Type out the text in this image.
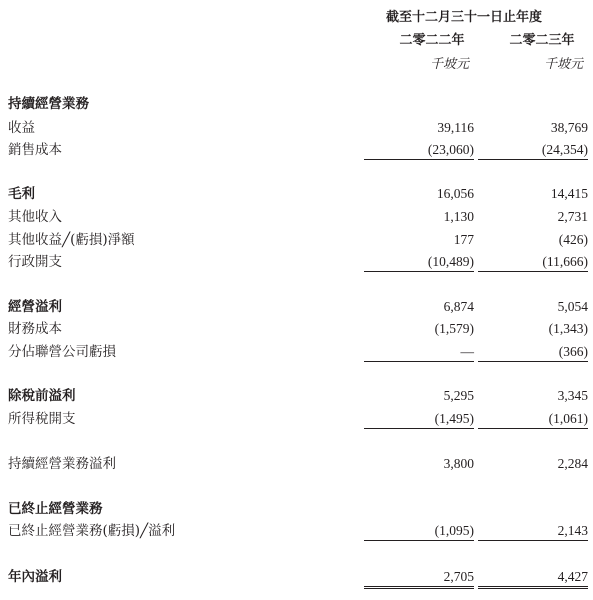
截至十二月三十一日止年度
二零二二年	二零二三年
千坡元	千坡元
持續經營業務
收益	39,116	38,769
銷售成本	(23,060)	(24,354)
毛利	16,056	14,415
其他收入	1,130	2,731
其他收益╱(虧損)淨額	177	(426)
行政開支	(10,489)	(11,666)
經營溢利	6,874	5,054
財務成本	(1,579)	(1,343)
分佔聯營公司虧損	—	(366)
除稅前溢利	5,295	3,345
所得稅開支	(1,495)	(1,061)
持續經營業務溢利	3,800	2,284
已終止經營業務
已終止經營業務(虧損)╱溢利	(1,095)	2,143
年內溢利	2,705	4,427
